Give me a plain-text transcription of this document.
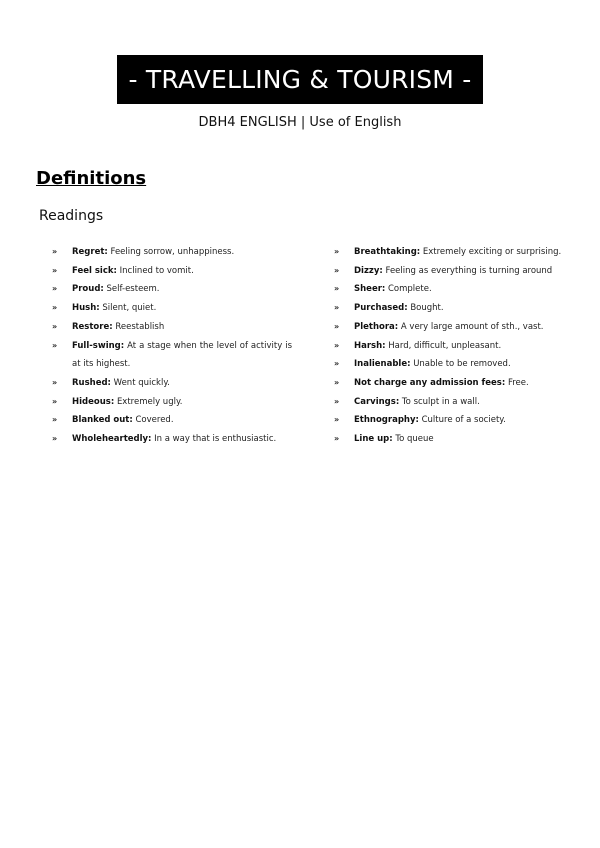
- TRAVELLING & TOURISM -
DBH4 ENGLISH | Use of English
Definitions
Readings
»	Regret: Feeling sorrow, unhappiness.
»	Feel sick: Inclined to vomit.
»	Proud: Self-esteem.
»	Hush: Silent, quiet.
»	Restore: Reestablish
»	Full-swing: At a stage when the level of activity is at its highest.
»	Rushed: Went quickly.
»	Hideous: Extremely ugly.
»	Blanked out: Covered.
»	Wholeheartedly: In a way that is enthusiastic.
»	Breathtaking: Extremely exciting or surprising.
»	Dizzy: Feeling as everything is turning around
»	Sheer: Complete.
»	Purchased: Bought.
»	Plethora: A very large amount of sth., vast.
»	Harsh: Hard, difficult, unpleasant.
»	Inalienable: Unable to be removed.
»	Not charge any admission fees: Free.
»	Carvings: To sculpt in a wall.
»	Ethnography: Culture of a society.
»	Line up: To queue
